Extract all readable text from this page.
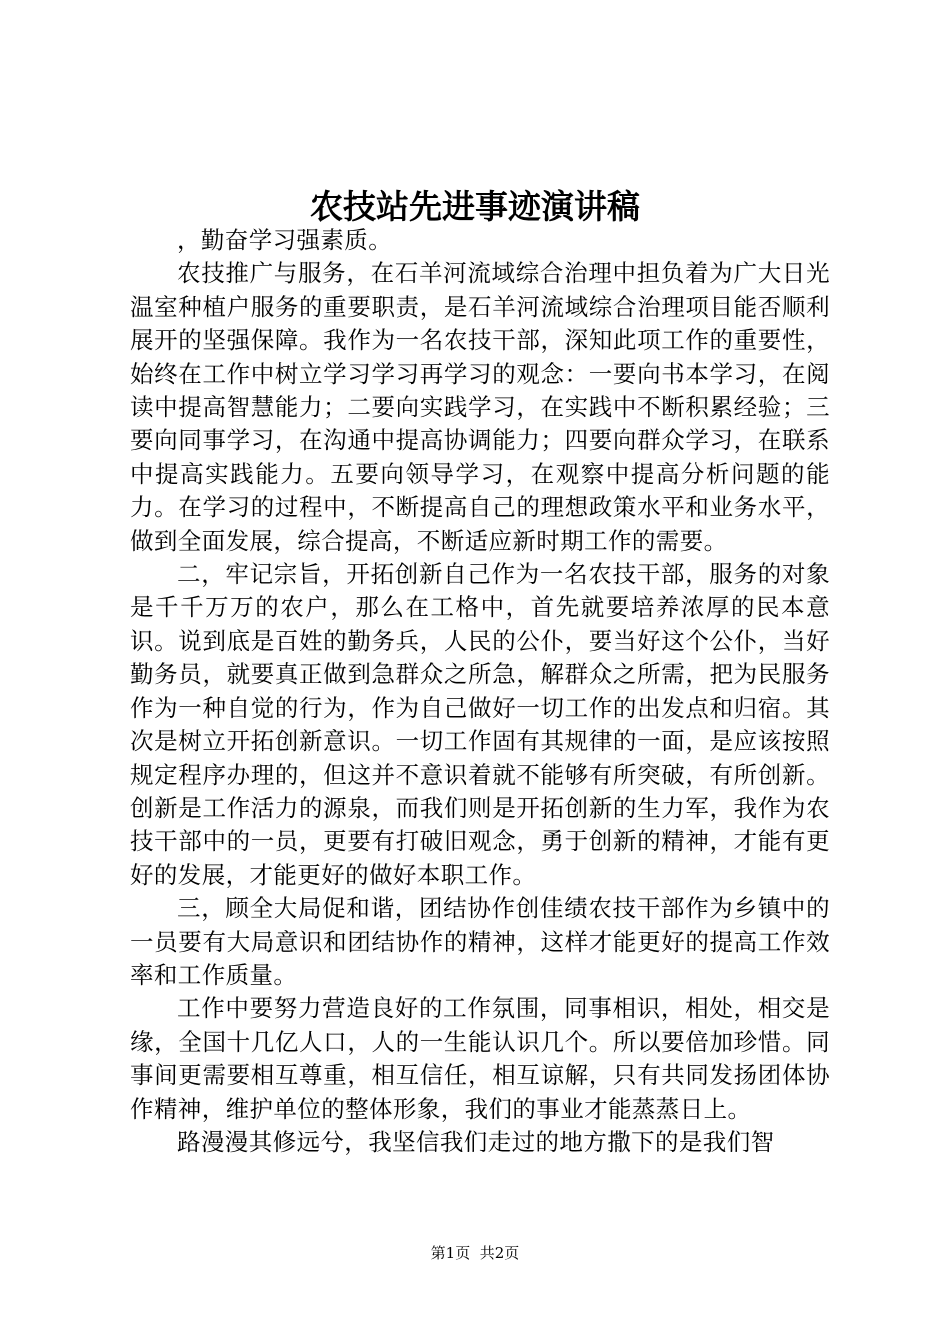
农技站先进事迹演讲稿

，勤奋学习强素质。

农技推广与服务，在石羊河流域综合治理中担负着为广大日光温室种植户服务的重要职责，是石羊河流域综合治理项目能否顺利展开的坚强保障。我作为一名农技干部，深知此项工作的重要性，始终在工作中树立学习学习再学习的观念：一要向书本学习，在阅读中提高智慧能力；二要向实践学习，在实践中不断积累经验；三要向同事学习，在沟通中提高协调能力；四要向群众学习，在联系中提高实践能力。五要向领导学习，在观察中提高分析问题的能力。在学习的过程中，不断提高自己的理想政策水平和业务水平，做到全面发展，综合提高，不断适应新时期工作的需要。

二，牢记宗旨，开拓创新自己作为一名农技干部，服务的对象是千千万万的农户，那么在工格中，首先就要培养浓厚的民本意识。说到底是百姓的勤务兵，人民的公仆，要当好这个公仆，当好勤务员，就要真正做到急群众之所急，解群众之所需，把为民服务作为一种自觉的行为，作为自己做好一切工作的出发点和归宿。其次是树立开拓创新意识。一切工作固有其规律的一面，是应该按照规定程序办理的，但这并不意识着就不能够有所突破，有所创新。创新是工作活力的源泉，而我们则是开拓创新的生力军，我作为农技干部中的一员，更要有打破旧观念，勇于创新的精神，才能有更好的发展，才能更好的做好本职工作。

三，顾全大局促和谐，团结协作创佳绩农技干部作为乡镇中的一员要有大局意识和团结协作的精神，这样才能更好的提高工作效率和工作质量。

工作中要努力营造良好的工作氛围，同事相识，相处，相交是缘，全国十几亿人口，人的一生能认识几个。所以要倍加珍惜。同事间更需要相互尊重，相互信任，相互谅解，只有共同发扬团体协作精神，维护单位的整体形象，我们的事业才能蒸蒸日上。

路漫漫其修远兮，我坚信我们走过的地方撒下的是我们智

第1页 共2页
